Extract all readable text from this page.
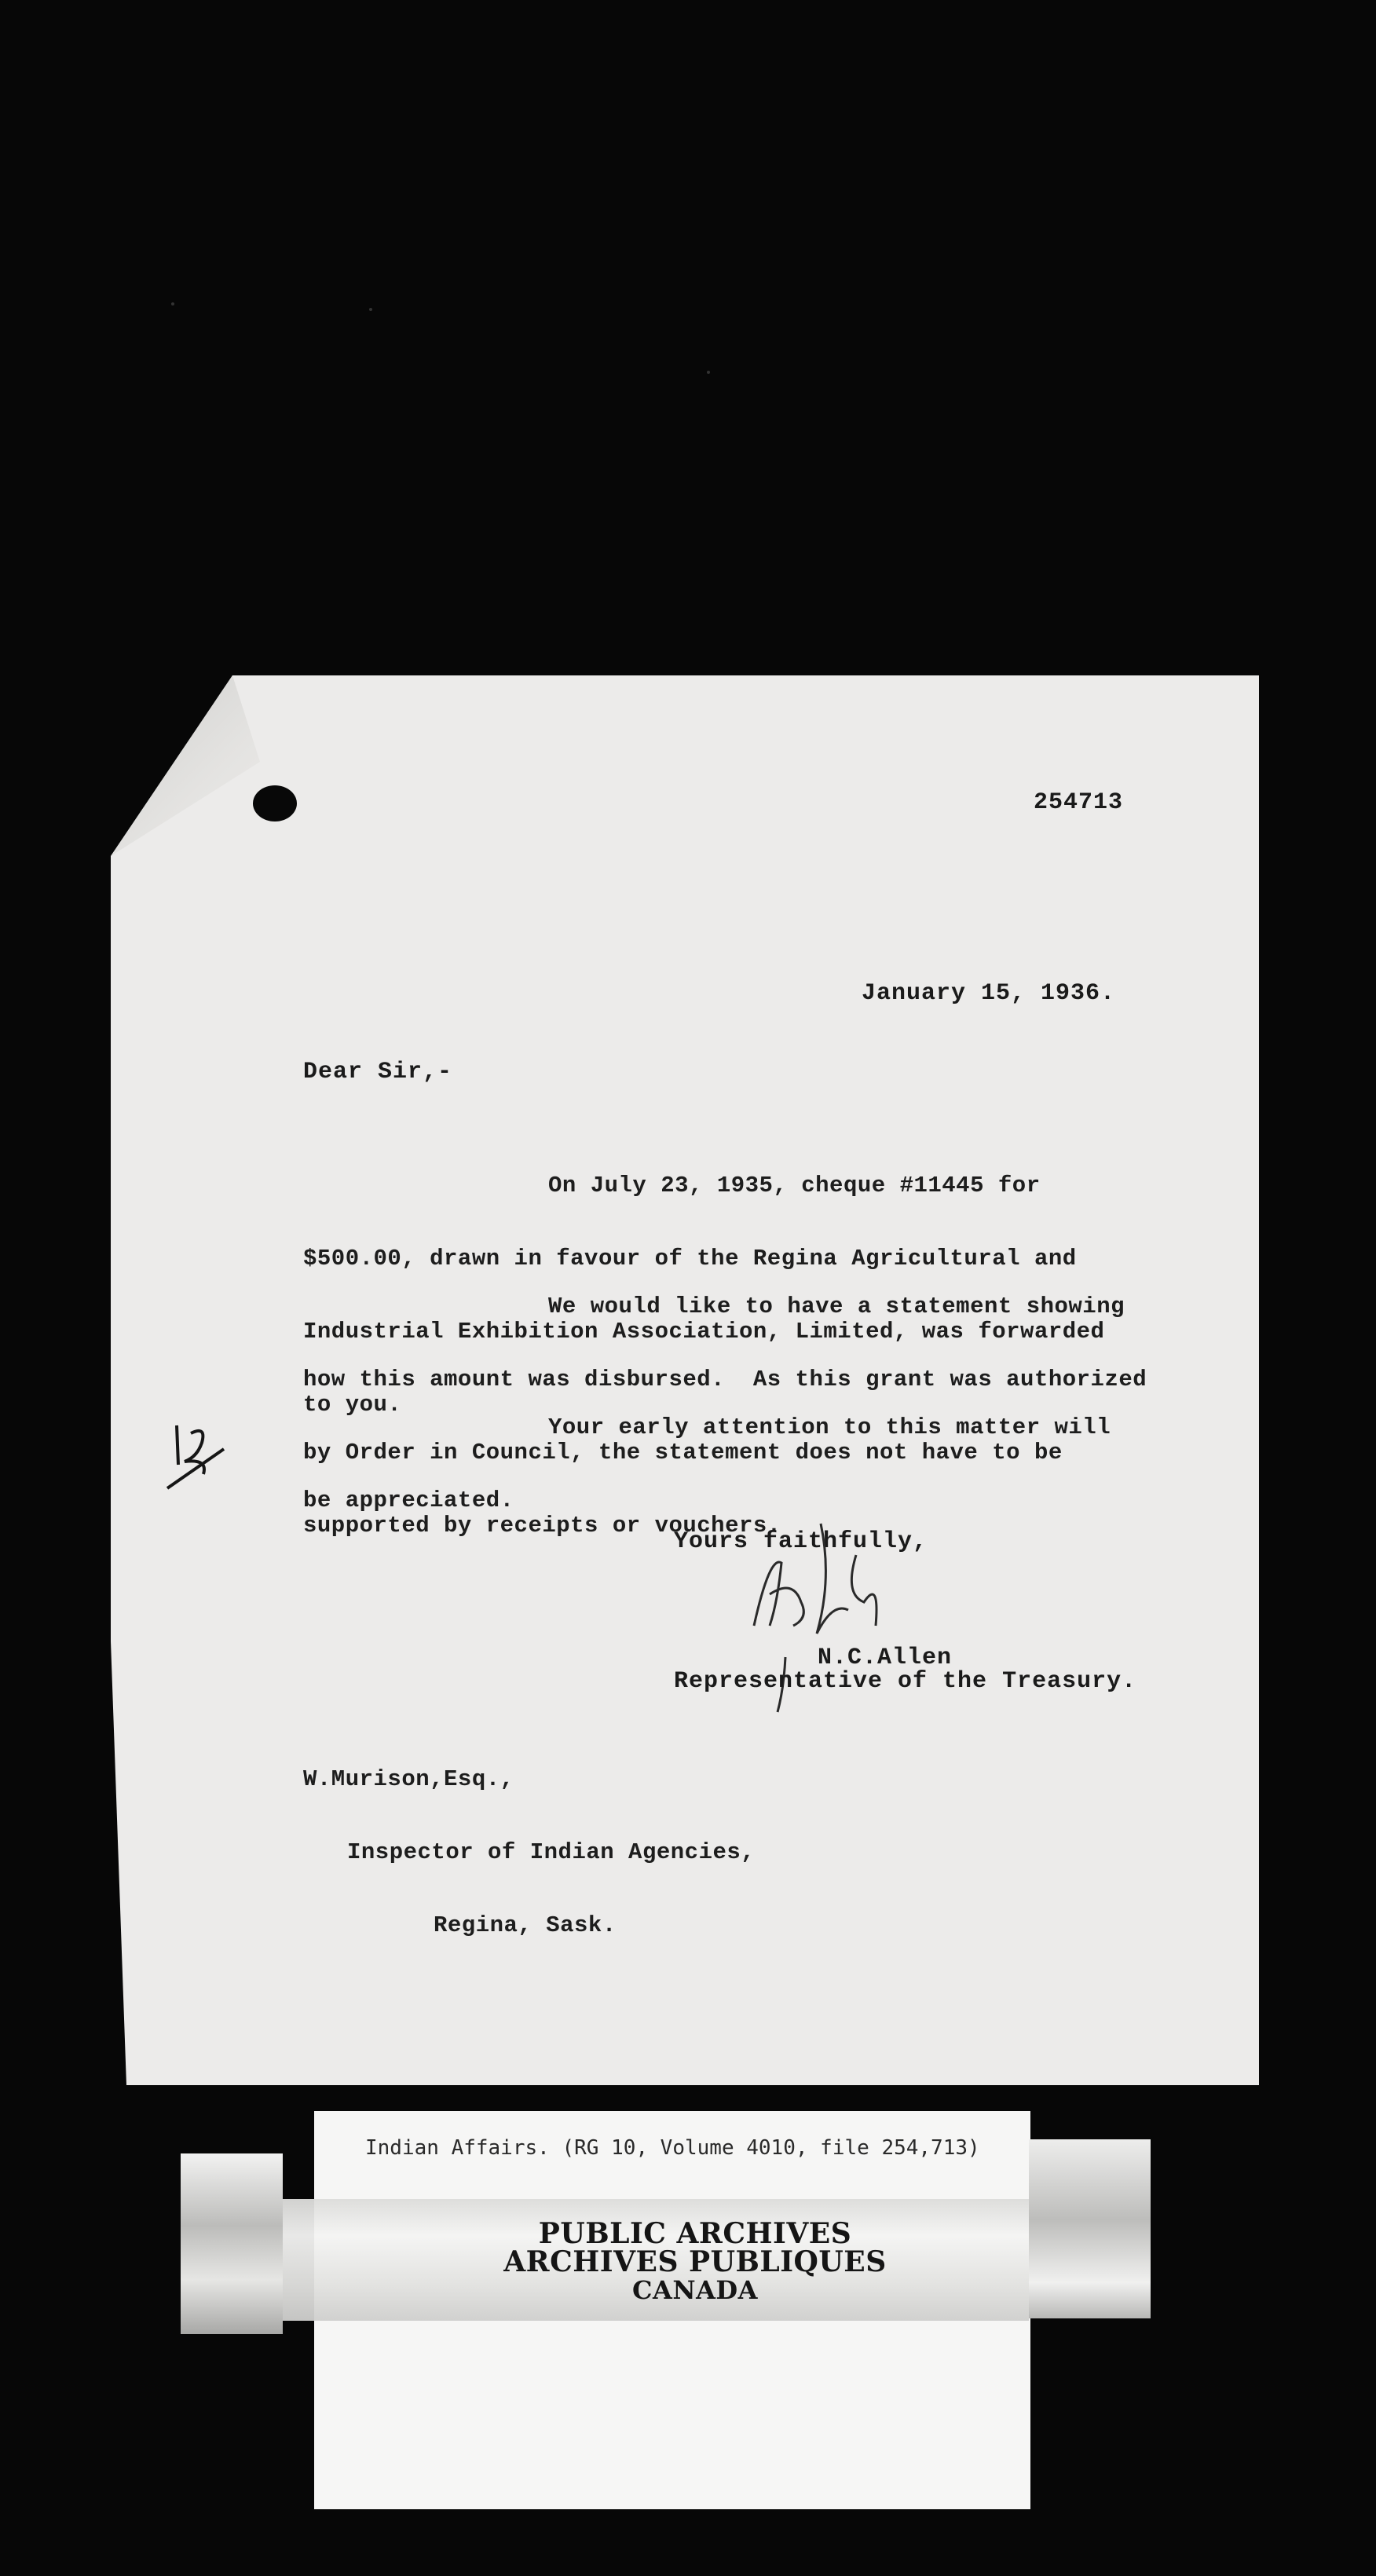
254713
January 15, 1936.
Dear Sir,-

On July 23, 1935, cheque #11445 for

$500.00, drawn in favour of the Regina Agricultural and

Industrial Exhibition Association, Limited, was forwarded

to you.

We would like to have a statement showing

how this amount was disbursed.  As this grant was authorized

by Order in Council, the statement does not have to be

supported by receipts or vouchers.

Your early attention to this matter will

be appreciated.

Yours faithfully,
N.C.Allen
Representative of the Treasury.

W.Murison,Esq.,

Inspector of Indian Agencies,

Regina, Sask.

Indian Affairs. (RG 10, Volume 4010, file 254,713)
PUBLIC ARCHIVES
ARCHIVES PUBLIQUES
CANADA
